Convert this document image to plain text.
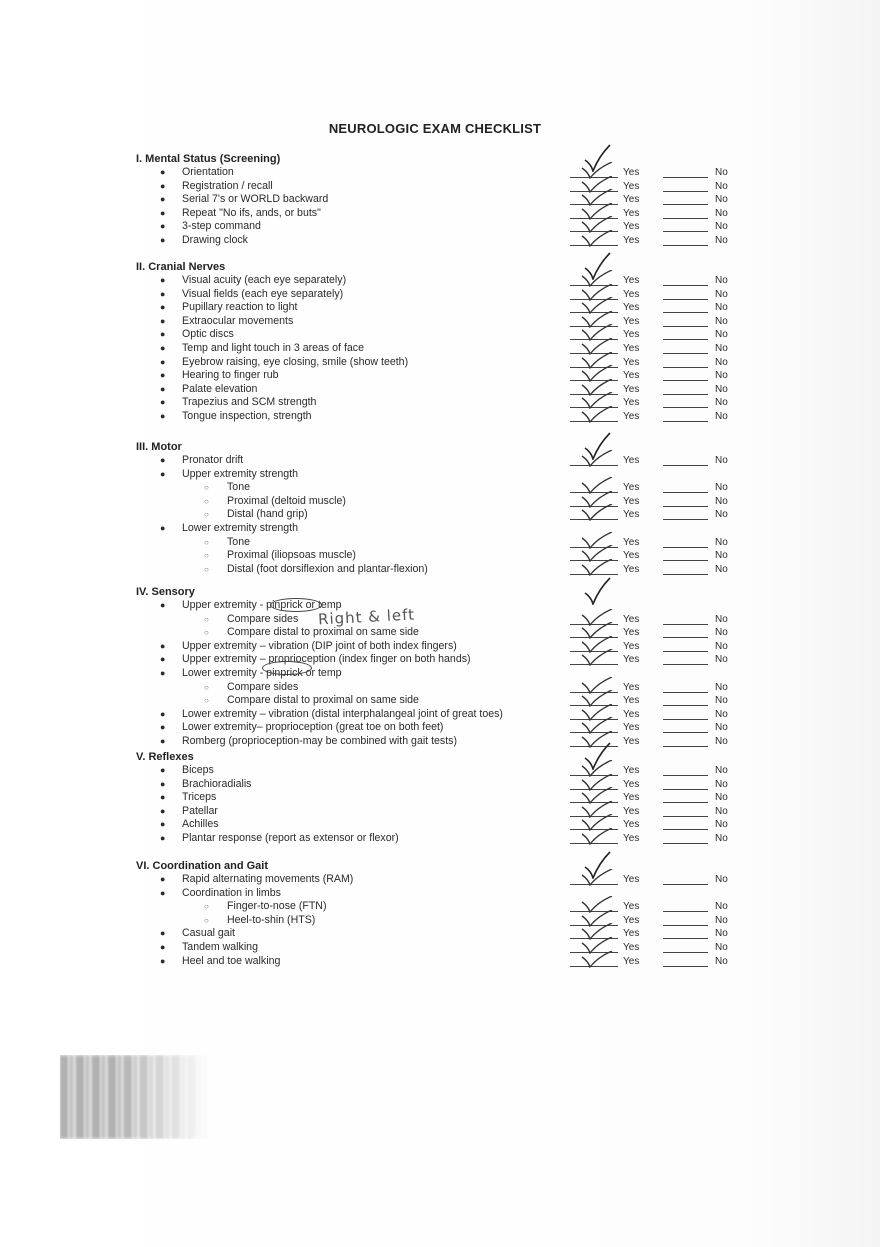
NEUROLOGIC EXAM CHECKLIST
I. Mental Status (Screening)
● Orientation	Yes	No
● Registration / recall	Yes	No
● Serial 7's or WORLD backward	Yes	No
● Repeat "No ifs, ands, or buts"	Yes	No
● 3-step command	Yes	No
● Drawing clock	Yes	No
II. Cranial Nerves
● Visual acuity (each eye separately)	Yes	No
● Visual fields (each eye separately)	Yes	No
● Pupillary reaction to light	Yes	No
● Extraocular movements	Yes	No
● Optic discs	Yes	No
● Temp and light touch in 3 areas of face	Yes	No
● Eyebrow raising, eye closing, smile (show teeth)	Yes	No
● Hearing to finger rub	Yes	No
● Palate elevation	Yes	No
● Trapezius and SCM strength	Yes	No
● Tongue inspection, strength	Yes	No
III. Motor
● Pronator drift	Yes	No
● Upper extremity strength
○ Tone	Yes	No
○ Proximal (deltoid muscle)	Yes	No
○ Distal (hand grip)	Yes	No
● Lower extremity strength
○ Tone	Yes	No
○ Proximal (iliopsoas muscle)	Yes	No
○ Distal (foot dorsiflexion and plantar-flexion)	Yes	No
IV. Sensory
● Upper extremity - pinprick or temp
○ Compare sides	Yes	No
○ Compare distal to proximal on same side	Yes	No
● Upper extremity – vibration (DIP joint of both index fingers)	Yes	No
● Upper extremity – proprioception (index finger on both hands)	Yes	No
● Lower extremity - pinprick or temp
○ Compare sides	Yes	No
○ Compare distal to proximal on same side	Yes	No
● Lower extremity – vibration (distal interphalangeal joint of great toes)	Yes	No
● Lower extremity– proprioception (great toe on both feet)	Yes	No
● Romberg (proprioception-may be combined with gait tests)	Yes	No
V. Reflexes
● Biceps	Yes	No
● Brachioradialis	Yes	No
● Triceps	Yes	No
● Patellar	Yes	No
● Achilles	Yes	No
● Plantar response (report as extensor or flexor)	Yes	No
VI. Coordination and Gait
● Rapid alternating movements (RAM)	Yes	No
● Coordination in limbs
○ Finger-to-nose (FTN)	Yes	No
○ Heel-to-shin (HTS)	Yes	No
● Casual gait	Yes	No
● Tandem walking	Yes	No
● Heel and toe walking	Yes	No
Right & left
